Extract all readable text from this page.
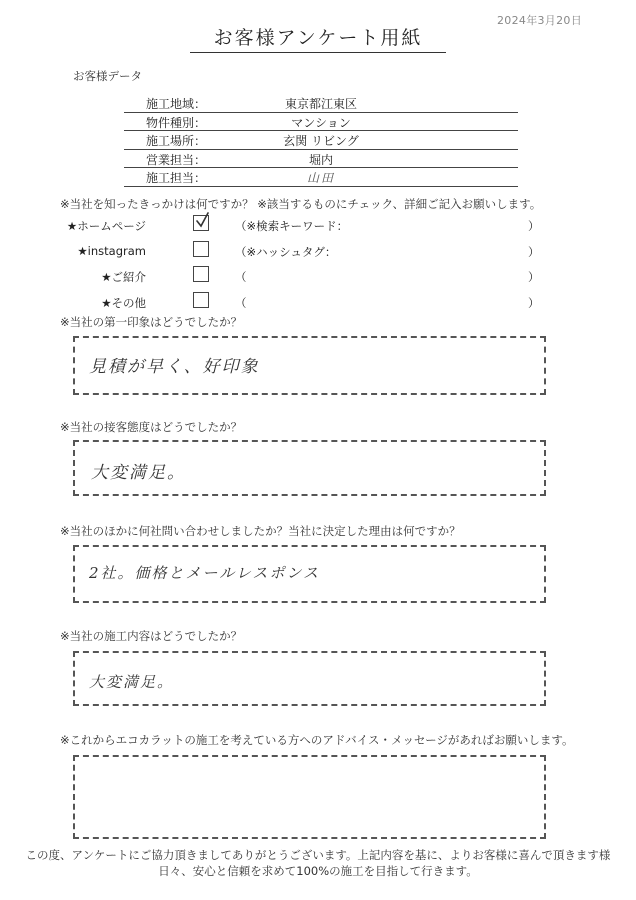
2024年3月20日
お客様アンケート用紙
お客様データ
施工地域：	東京都江東区
物件種別：	マンション
施工場所：	玄関 リビング
営業担当：	堀内
施工担当：	山田
※当社を知ったきっかけは何ですか？ ※該当するものにチェック、詳細ご記入お願いします。
★ホームページ	（※検索キーワード：	）
★instagram	（※ハッシュタグ：	）
★ご紹介	（	）
★その他	（	）
※当社の第一印象はどうでしたか？
見積が早く、好印象
※当社の接客態度はどうでしたか？
大変満足。
※当社のほかに何社問い合わせしましたか？当社に決定した理由は何ですか？
2社。価格とメールレスポンス
※当社の施工内容はどうでしたか？
大変満足。
※これからエコカラットの施工を考えている方へのアドバイス・メッセージがあればお願いします。
この度、アンケートにご協力頂きましてありがとうございます。上記内容を基に、よりお客様に喜んで頂きます様
日々、安心と信頼を求めて100%の施工を目指して行きます。
